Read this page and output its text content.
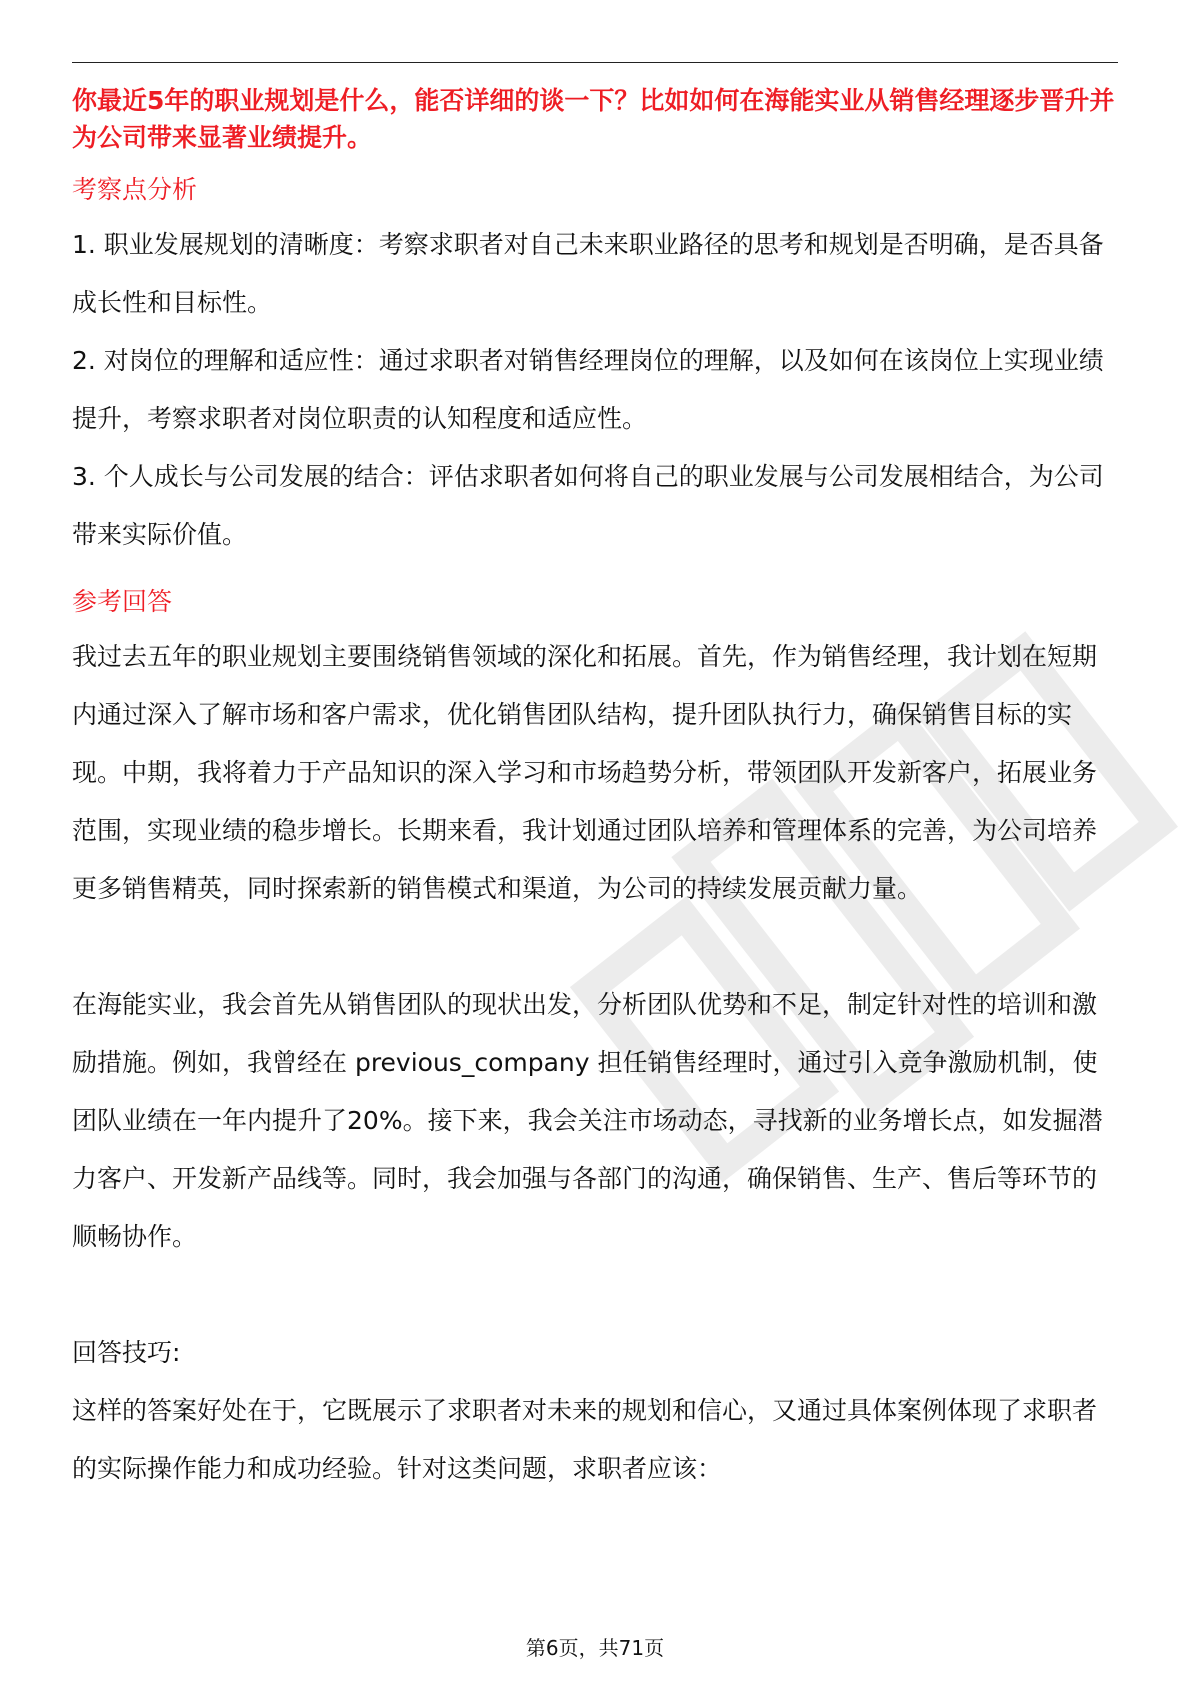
你最近5年的职业规划是什么，能否详细的谈一下？比如如何在海能实业从销售经理逐步晋升并为公司带来显著业绩提升。

考察点分析

1. 职业发展规划的清晰度：考察求职者对自己未来职业路径的思考和规划是否明确，是否具备成长性和目标性。

2. 对岗位的理解和适应性：通过求职者对销售经理岗位的理解，以及如何在该岗位上实现业绩提升，考察求职者对岗位职责的认知程度和适应性。

3. 个人成长与公司发展的结合：评估求职者如何将自己的职业发展与公司发展相结合，为公司带来实际价值。

参考回答

我过去五年的职业规划主要围绕销售领域的深化和拓展。首先，作为销售经理，我计划在短期内通过深入了解市场和客户需求，优化销售团队结构，提升团队执行力，确保销售目标的实现。中期，我将着力于产品知识的深入学习和市场趋势分析，带领团队开发新客户，拓展业务范围，实现业绩的稳步增长。长期来看，我计划通过团队培养和管理体系的完善，为公司培养更多销售精英，同时探索新的销售模式和渠道，为公司的持续发展贡献力量。

在海能实业，我会首先从销售团队的现状出发，分析团队优势和不足，制定针对性的培训和激励措施。例如，我曾经在 previous_company 担任销售经理时，通过引入竞争激励机制，使团队业绩在一年内提升了20%。接下来，我会关注市场动态，寻找新的业务增长点，如发掘潜力客户、开发新产品线等。同时，我会加强与各部门的沟通，确保销售、生产、售后等环节的顺畅协作。

回答技巧:

这样的答案好处在于，它既展示了求职者对未来的规划和信心，又通过具体案例体现了求职者的实际操作能力和成功经验。针对这类问题，求职者应该：

第6页，共71页
